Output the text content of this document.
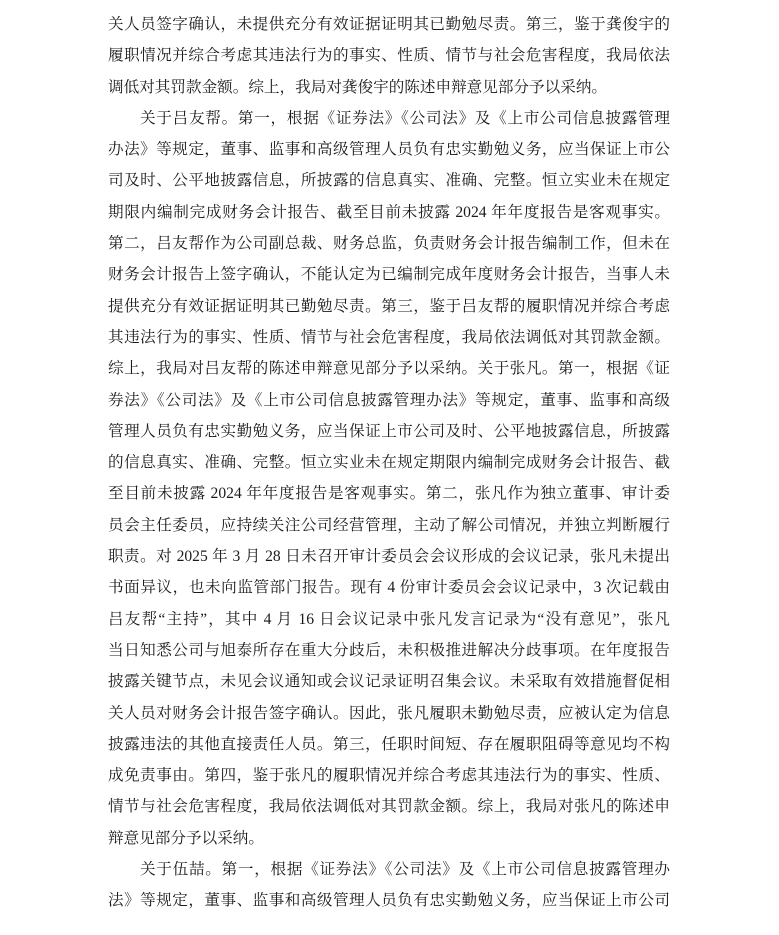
关人员签字确认，未提供充分有效证据证明其已勤勉尽责。第三，鉴于龚俊宇的
履职情况并综合考虑其违法行为的事实、性质、情节与社会危害程度，我局依法
调低对其罚款金额。综上，我局对龚俊宇的陈述申辩意见部分予以采纳。
关于吕友帮。第一，根据《证券法》《公司法》及《上市公司信息披露管理
办法》等规定，董事、监事和高级管理人员负有忠实勤勉义务，应当保证上市公
司及时、公平地披露信息，所披露的信息真实、准确、完整。恒立实业未在规定
期限内编制完成财务会计报告、截至目前未披露 2024 年年度报告是客观事实。
第二，吕友帮作为公司副总裁、财务总监，负责财务会计报告编制工作，但未在
财务会计报告上签字确认，不能认定为已编制完成年度财务会计报告，当事人未
提供充分有效证据证明其已勤勉尽责。第三，鉴于吕友帮的履职情况并综合考虑
其违法行为的事实、性质、情节与社会危害程度，我局依法调低对其罚款金额。
综上，我局对吕友帮的陈述申辩意见部分予以采纳。关于张凡。第一，根据《证
券法》《公司法》及《上市公司信息披露管理办法》等规定，董事、监事和高级
管理人员负有忠实勤勉义务，应当保证上市公司及时、公平地披露信息，所披露
的信息真实、准确、完整。恒立实业未在规定期限内编制完成财务会计报告、截
至目前未披露 2024 年年度报告是客观事实。第二，张凡作为独立董事、审计委
员会主任委员，应持续关注公司经营管理，主动了解公司情况，并独立判断履行
职责。对 2025 年 3 月 28 日未召开审计委员会会议形成的会议记录，张凡未提出
书面异议，也未向监管部门报告。现有 4 份审计委员会会议记录中，3 次记载由
吕友帮“主持”，其中 4 月 16 日会议记录中张凡发言记录为“没有意见”，张凡
当日知悉公司与旭泰所存在重大分歧后，未积极推进解决分歧事项。在年度报告
披露关键节点，未见会议通知或会议记录证明召集会议。未采取有效措施督促相
关人员对财务会计报告签字确认。因此，张凡履职未勤勉尽责，应被认定为信息
披露违法的其他直接责任人员。第三，任职时间短、存在履职阻碍等意见均不构
成免责事由。第四，鉴于张凡的履职情况并综合考虑其违法行为的事实、性质、
情节与社会危害程度，我局依法调低对其罚款金额。综上，我局对张凡的陈述申
辩意见部分予以采纳。
关于伍喆。第一，根据《证券法》《公司法》及《上市公司信息披露管理办
法》等规定，董事、监事和高级管理人员负有忠实勤勉义务，应当保证上市公司
